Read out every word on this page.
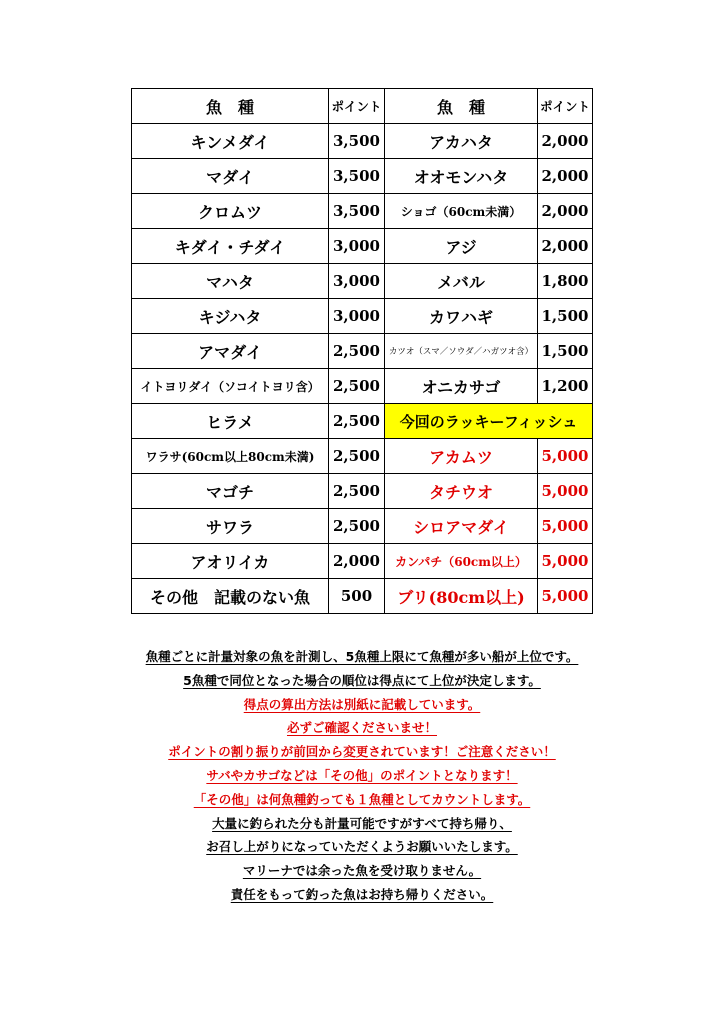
魚　種	ポイント	魚　種	ポイント
キンメダイ	3,500	アカハタ	2,000
マダイ	3,500	オオモンハタ	2,000
クロムツ	3,500	ショゴ（60cm未満）	2,000
キダイ・チダイ	3,000	アジ	2,000
マハタ	3,000	メバル	1,800
キジハタ	3,000	カワハギ	1,500
アマダイ	2,500	カツオ（スマ／ソウダ／ハガツオ含）	1,500
イトヨリダイ（ソコイトヨリ含）	2,500	オニカサゴ	1,200
ヒラメ	2,500	今回のラッキーフィッシュ	
ワラサ(60cm以上80cm未満)	2,500	アカムツ	5,000
マゴチ	2,500	タチウオ	5,000
サワラ	2,500	シロアマダイ	5,000
アオリイカ	2,000	カンパチ（60cm以上）	5,000
その他　記載のない魚	500	ブリ(80cm以上)	5,000
魚種ごとに計量対象の魚を計測し、5魚種上限にて魚種が多い船が上位です。
5魚種で同位となった場合の順位は得点にて上位が決定します。
得点の算出方法は別紙に記載しています。
必ずご確認くださいませ！
ポイントの割り振りが前回から変更されています！ご注意ください！
サバやカサゴなどは「その他」のポイントとなります！
「その他」は何魚種釣っても１魚種としてカウントします。
大量に釣られた分も計量可能ですがすべて持ち帰り、
お召し上がりになっていただくようお願いいたします。
マリーナでは余った魚を受け取りません。
責任をもって釣った魚はお持ち帰りください。
